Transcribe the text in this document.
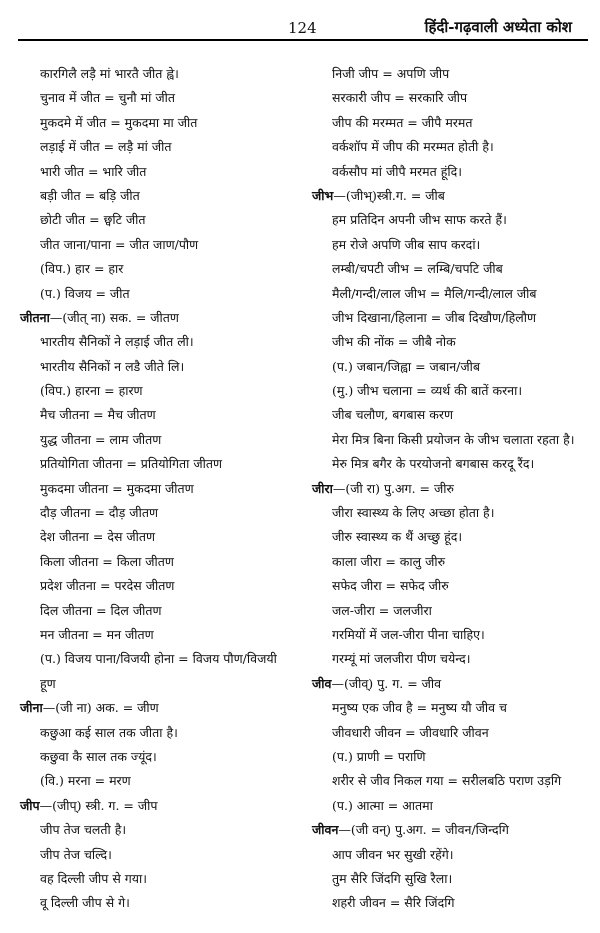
124	हिंदी-गढ़वाली अध्येता कोश
कारगिलै लड़ै मां भारतै जीत ह्वे।
चुनाव में जीत = चुनौ मां जीत
मुकदमे में जीत = मुकदमा मा जीत
लड़ाई में जीत = लड़ै मां जीत
भारी जीत = भारि जीत
बड़ी जीत = बड़ि जीत
छोटी जीत = छ्वटि जीत
जीत जाना/पाना = जीत जाण/पौण
(विप.) हार = हार
(प.) विजय = जीत
जीतना—(जीत् ना) सक. = जीतण
भारतीय सैनिकों ने लड़ाई जीत ली।
भारतीय सैनिकों न लडै जीते लि।
(विप.) हारना = हारण
मैच जीतना = मैच जीतण
युद्ध जीतना = लाम जीतण
प्रतियोगिता जीतना = प्रतियोगिता जीतण
मुकदमा जीतना = मुकदमा जीतण
दौड़ जीतना = दौड़ जीतण
देश जीतना = देस जीतण
किला जीतना = किला जीतण
प्रदेश जीतना = परदेस जीतण
दिल जीतना = दिल जीतण
मन जीतना = मन जीतण
(प.) विजय पाना/विजयी होना = विजय पौण/विजयी
हूण
जीना—(जी ना) अक. = जीण
कछुआ कई साल तक जीता है।
कछुवा कै साल तक ज्यूंद।
(वि.) मरना = मरण
जीप—(जीप्) स्त्री. ग. = जीप
जीप तेज चलती है।
जीप तेज चल्दि।
वह दिल्ली जीप से गया।
वू दिल्ली जीप से गे।
निजी जीप = अपणि जीप
सरकारी जीप = सरकारि जीप
जीप की मरम्मत = जीपै मरमत
वर्कशॉप में जीप की मरम्मत होती है।
वर्कसौप मां जीपै मरमत हूंदि।
जीभ—(जीभ्)स्त्री.ग. = जीब
हम प्रतिदिन अपनी जीभ साफ करते हैं।
हम रोजे अपणि जीब साप करदां।
लम्बी/चपटी जीभ = लम्बि/चपटि जीब
मैली/गन्दी/लाल जीभ = मैलि/गन्दी/लाल जीब
जीभ दिखाना/हिलाना = जीब दिखौण/हिलौण
जीभ की नोंक = जीबै नोक
(प.) जबान/जिह्वा = जबान/जीब
(मु.) जीभ चलाना = व्यर्थ की बातें करना।
जीब चलौण, बगबास करण
मेरा मित्र बिना किसी प्रयोजन के जीभ चलाता रहता है।
मेरु मित्र बगैर के परयोजनो बगबास करदू रैंद।
जीरा—(जी रा) पु.अग. = जीरु
जीरा स्वास्थ्य के लिए अच्छा होता है।
जीरु स्वास्थ्य क थैं अच्छु हूंद।
काला जीरा = कालु जीरु
सफेद जीरा = सफेद जीरु
जल-जीरा = जलजीरा
गरमियों में जल-जीरा पीना चाहिए।
गरम्यूं मां जलजीरा पीण चयेन्द।
जीव—(जीव्) पु. ग. = जीव
मनुष्य एक जीव है = मनुष्य यौ जीव च
जीवधारी जीवन = जीवधारि जीवन
(प.) प्राणी = पराणि
शरीर से जीव निकल गया = सरीलबठि पराण उड़गि
(प.) आत्मा = आतमा
जीवन—(जी वन्) पु.अग. = जीवन/जिन्दगि
आप जीवन भर सुखी रहेंगे।
तुम सैरि जिंदगि सुखि रैला।
शहरी जीवन = सैरि जिंदगि
